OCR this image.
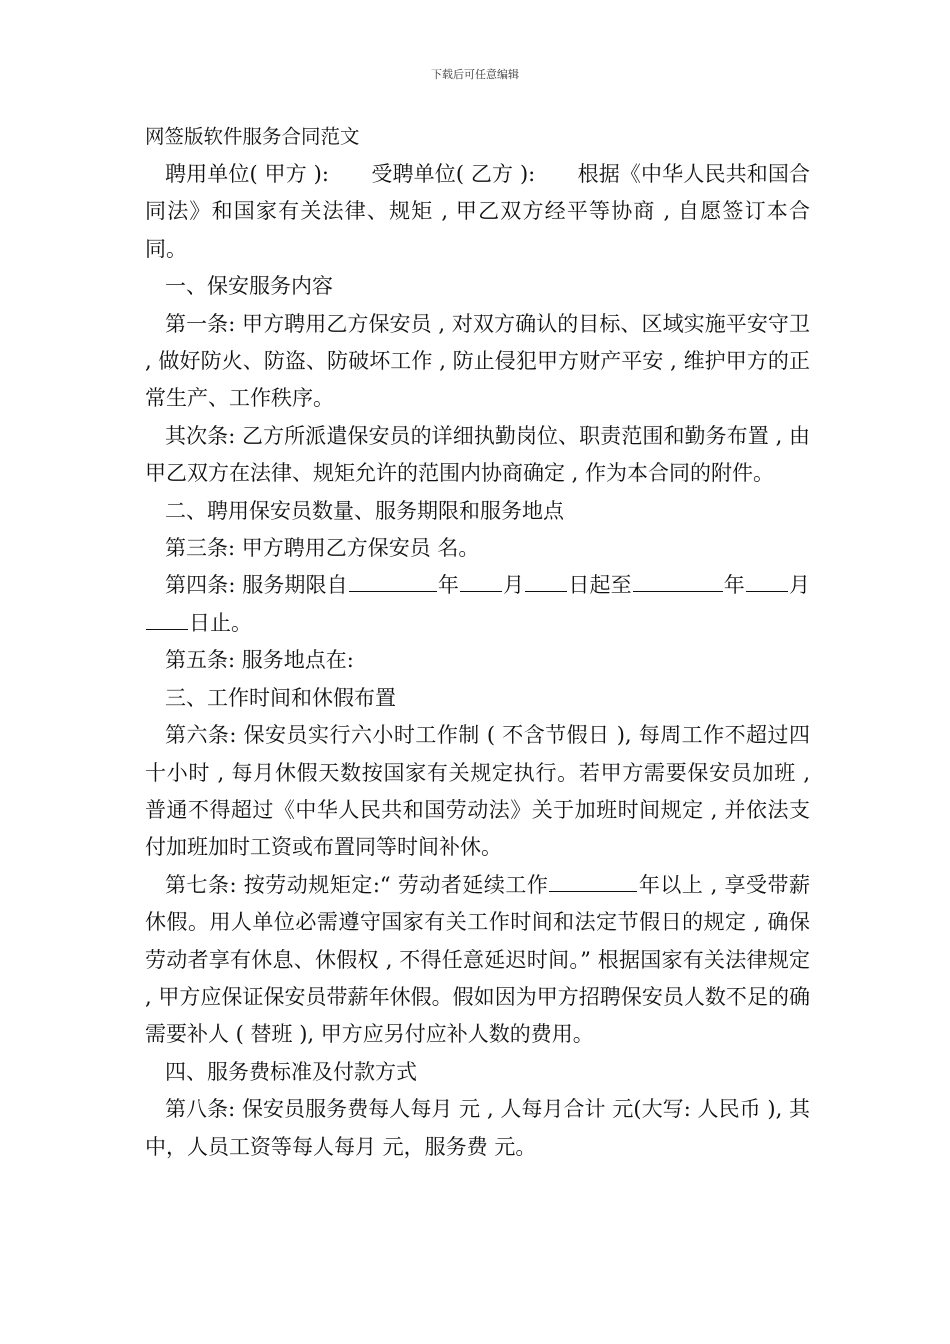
下载后可任意编辑
网签版软件服务合同范文

聘用单位( 甲方 ):　　受聘单位( 乙方 ):　　根据《中华人民共和国合同法》和国家有关法律、规矩 , 甲乙双方经平等协商 , 自愿签订本合同。

一、保安服务内容

第一条: 甲方聘用乙方保安员 , 对双方确认的目标、区域实施平安守卫 , 做好防火、防盗、防破坏工作 , 防止侵犯甲方财产平安 , 维护甲方的正常生产、工作秩序。

其次条: 乙方所派遣保安员的详细执勤岗位、职责范围和勤务布置 , 由甲乙双方在法律、规矩允许的范围内协商确定 , 作为本合同的附件。

二、聘用保安员数量、服务期限和服务地点

第三条: 甲方聘用乙方保安员 名。

第四条: 服务期限自	年 月 日起至	年 月日止。

第五条: 服务地点在:

三、工作时间和休假布置

第六条: 保安员实行六小时工作制 ( 不含节假日 ), 每周工作不超过四十小时 , 每月休假天数按国家有关规定执行。若甲方需要保安员加班 , 普通不得超过《中华人民共和国劳动法》关于加班时间规定 , 并依法支付加班加时工资或布置同等时间补休。

第七条: 按劳动规矩定:“ 劳动者延续工作	年以上 , 享受带薪休假。用人单位必需遵守国家有关工作时间和法定节假日的规定 , 确保劳动者享有休息、休假权 , 不得任意延迟时间。” 根据国家有关法律规定 , 甲方应保证保安员带薪年休假。假如因为甲方招聘保安员人数不足的确需要补人 ( 替班 ), 甲方应另付应补人数的费用。

四、服务费标准及付款方式

第八条: 保安员服务费每人每月 元 , 人每月合计 元(大写: 人民币 ), 其中，人员工资等每人每月 元，服务费 元。
